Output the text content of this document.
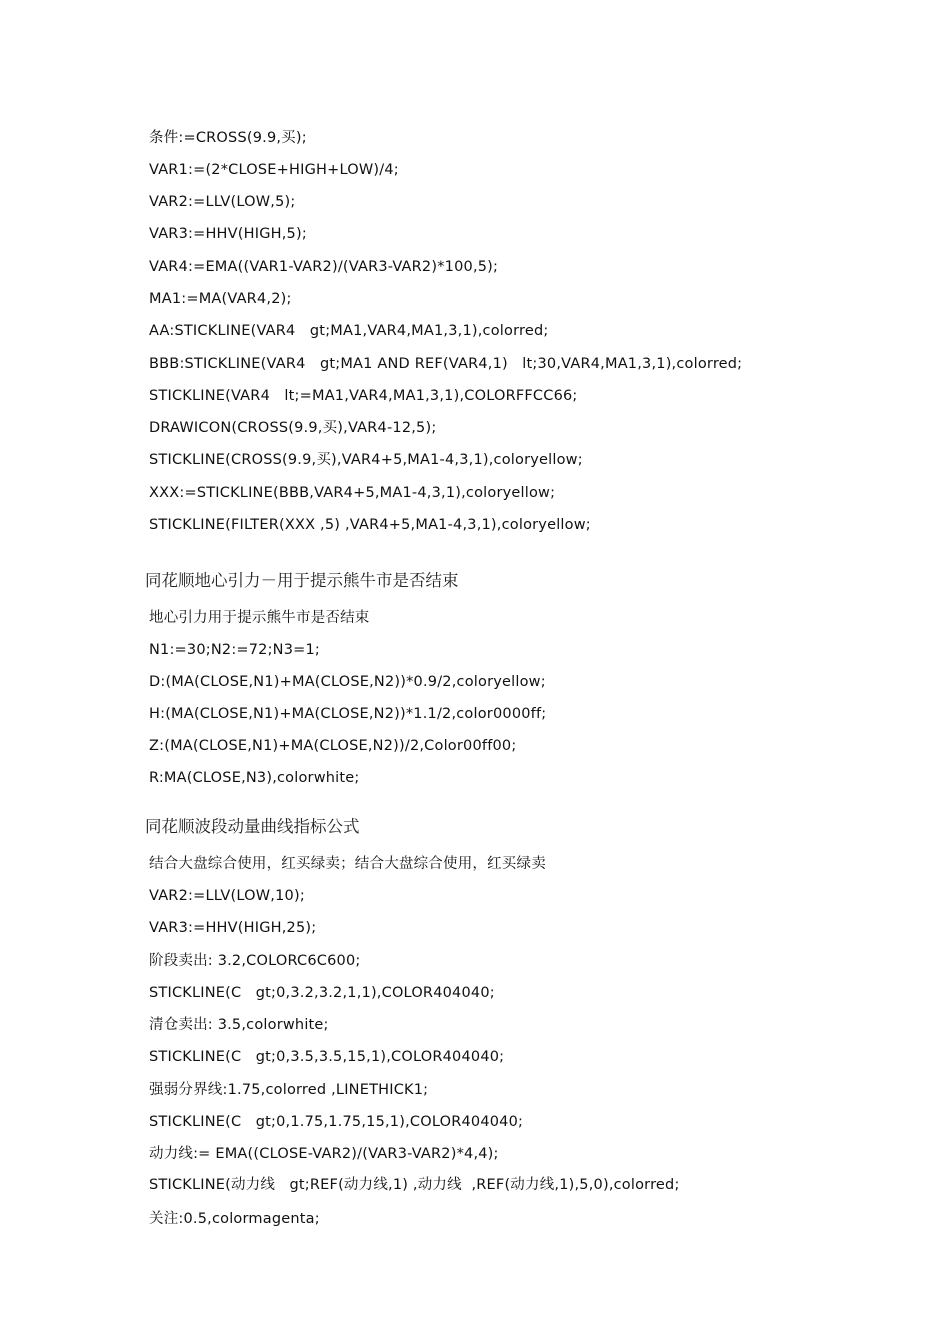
条件:=CROSS(9.9,买);
VAR1:=(2*CLOSE+HIGH+LOW)/4;
VAR2:=LLV(LOW,5);
VAR3:=HHV(HIGH,5);
VAR4:=EMA((VAR1-VAR2)/(VAR3-VAR2)*100,5);
MA1:=MA(VAR4,2);
AA:STICKLINE(VAR4   gt;MA1,VAR4,MA1,3,1),colorred;
BBB:STICKLINE(VAR4   gt;MA1 AND REF(VAR4,1)   lt;30,VAR4,MA1,3,1),colorred;
STICKLINE(VAR4   lt;=MA1,VAR4,MA1,3,1),COLORFFCC66;
DRAWICON(CROSS(9.9,买),VAR4-12,5);
STICKLINE(CROSS(9.9,买),VAR4+5,MA1-4,3,1),coloryellow;
XXX:=STICKLINE(BBB,VAR4+5,MA1-4,3,1),coloryellow;
STICKLINE(FILTER(XXX ,5) ,VAR4+5,MA1-4,3,1),coloryellow;
同花顺地心引力－用于提示熊牛市是否结束
地心引力用于提示熊牛市是否结束
N1:=30;N2:=72;N3=1;
D:(MA(CLOSE,N1)+MA(CLOSE,N2))*0.9/2,coloryellow;
H:(MA(CLOSE,N1)+MA(CLOSE,N2))*1.1/2,color0000ff;
Z:(MA(CLOSE,N1)+MA(CLOSE,N2))/2,Color00ff00;
R:MA(CLOSE,N3),colorwhite;
同花顺波段动量曲线指标公式
结合大盘综合使用，红买绿卖；结合大盘综合使用，红买绿卖
VAR2:=LLV(LOW,10);
VAR3:=HHV(HIGH,25);
阶段卖出: 3.2,COLORC6C600;
STICKLINE(C   gt;0,3.2,3.2,1,1),COLOR404040;
清仓卖出: 3.5,colorwhite;
STICKLINE(C   gt;0,3.5,3.5,15,1),COLOR404040;
强弱分界线:1.75,colorred ,LINETHICK1;
STICKLINE(C   gt;0,1.75,1.75,15,1),COLOR404040;
动力线:= EMA((CLOSE-VAR2)/(VAR3-VAR2)*4,4);
STICKLINE(动力线   gt;REF(动力线,1) ,动力线  ,REF(动力线,1),5,0),colorred;
关注:0.5,colormagenta;
